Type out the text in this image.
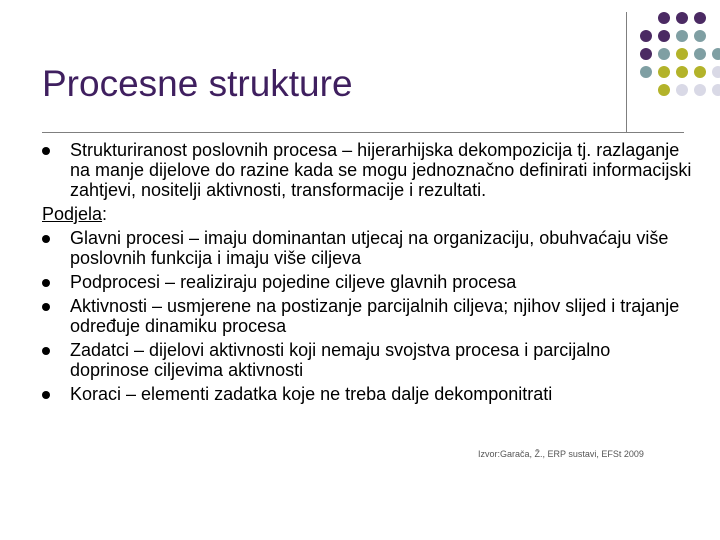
Procesne strukture
Strukturiranost poslovnih procesa – hijerarhijska dekompozicija tj. razlaganje na manje dijelove do razine kada se mogu jednoznačno definirati informacijski zahtjevi, nositelji aktivnosti, transformacije i rezultati.
Podjela:
Glavni procesi – imaju dominantan utjecaj na organizaciju, obuhvaćaju više poslovnih funkcija i imaju više ciljeva
Podprocesi – realiziraju pojedine ciljeve glavnih procesa
Aktivnosti – usmjerene na postizanje parcijalnih ciljeva; njihov slijed i trajanje određuje dinamiku procesa
Zadatci – dijelovi aktivnosti koji nemaju svojstva procesa i parcijalno doprinose ciljevima aktivnosti
Koraci – elementi zadatka koje ne treba dalje dekomponitrati
Izvor:Garača, Ž., ERP sustavi, EFSt 2009
